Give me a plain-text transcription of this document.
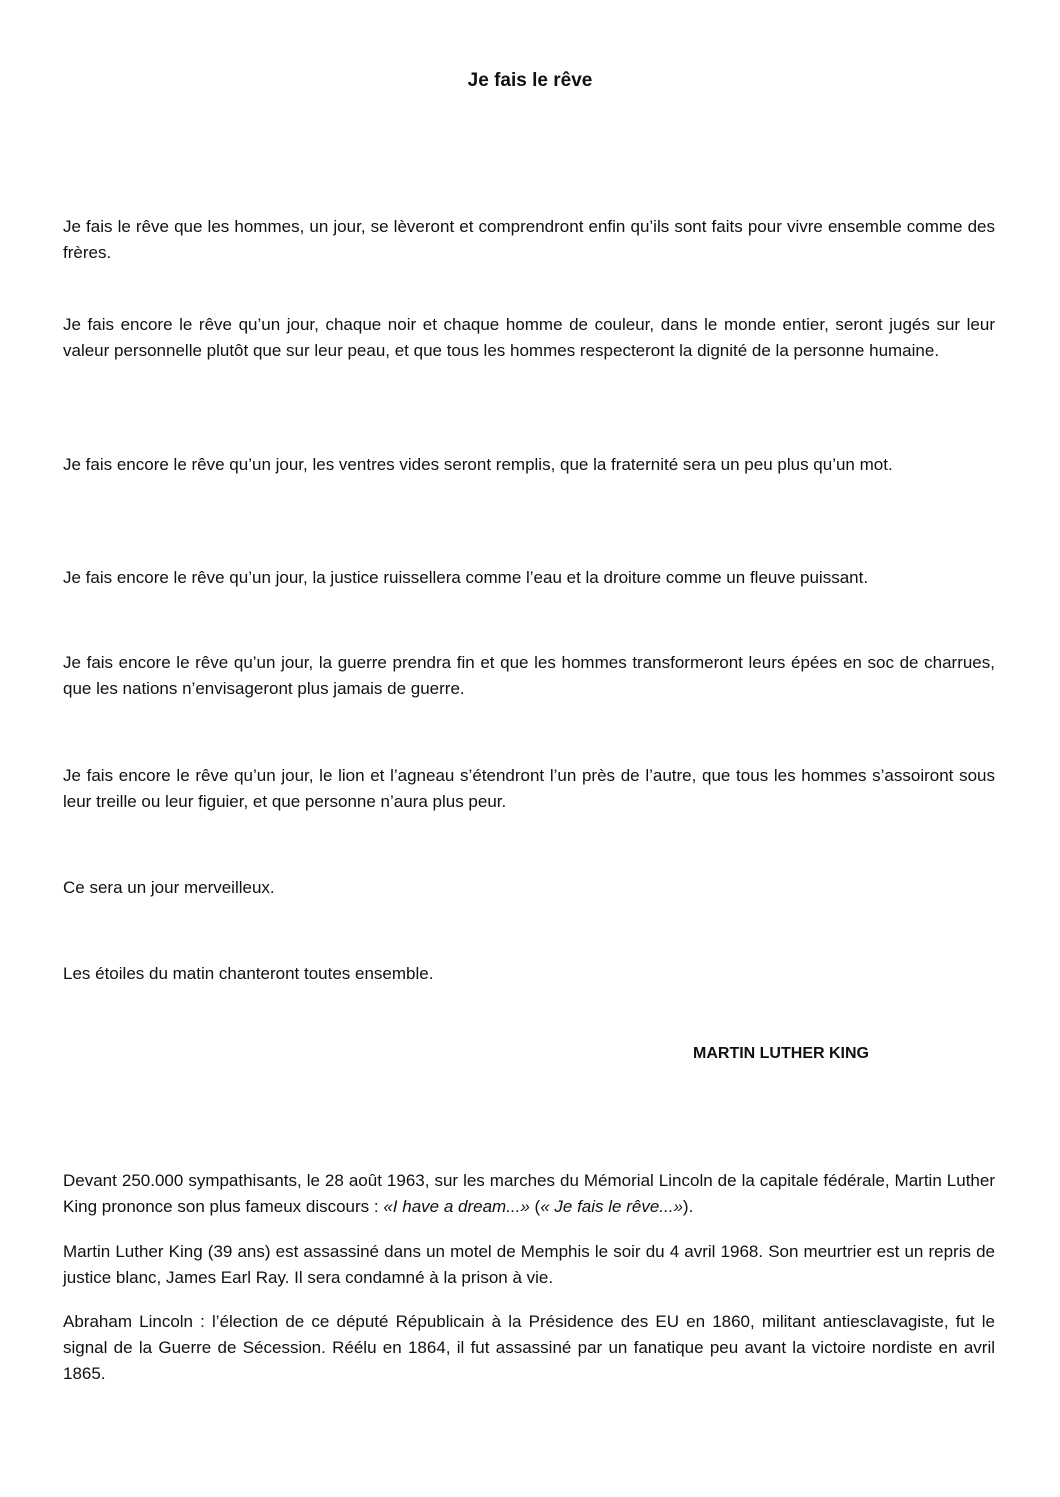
Je fais le rêve

Je fais le rêve que les hommes, un jour, se lèveront et comprendront enfin qu’ils sont faits pour vivre ensemble comme des frères.

Je fais encore le rêve qu’un jour, chaque noir et chaque homme de couleur, dans le monde entier, seront jugés sur leur valeur personnelle plutôt que sur leur peau, et que tous les hommes respecteront la dignité de la personne humaine.

Je fais encore le rêve qu’un jour, les ventres vides seront remplis, que la fraternité sera un peu plus qu’un mot.

Je fais encore le rêve qu’un jour, la justice ruissellera comme l’eau et la droiture comme un fleuve puissant.

Je fais encore le rêve qu’un jour, la guerre prendra fin et que les hommes transformeront leurs épées en soc de charrues, que les nations n’envisageront plus jamais de guerre.

Je fais encore le rêve qu’un jour, le lion et l’agneau s’étendront l’un près de l’autre, que tous les hommes s’assoiront sous leur treille ou leur figuier, et que personne n’aura plus peur.

Ce sera un jour merveilleux.

Les étoiles du matin chanteront toutes ensemble.

MARTIN LUTHER KING

Devant 250.000 sympathisants, le 28 août 1963, sur les marches du Mémorial Lincoln de la capitale fédérale, Martin Luther King prononce son plus fameux discours : «I have a dream...» (« Je fais le rêve...»).

Martin Luther King (39 ans) est assassiné dans un motel de Memphis le soir du 4 avril 1968. Son meurtrier est un repris de justice blanc, James Earl Ray. Il sera condamné à la prison à vie.

Abraham Lincoln : l’élection de ce député Républicain à la Présidence des EU en 1860, militant antiesclavagiste, fut le signal de la Guerre de Sécession. Réélu en 1864, il fut assassiné par un fanatique peu avant la victoire nordiste en avril 1865.
